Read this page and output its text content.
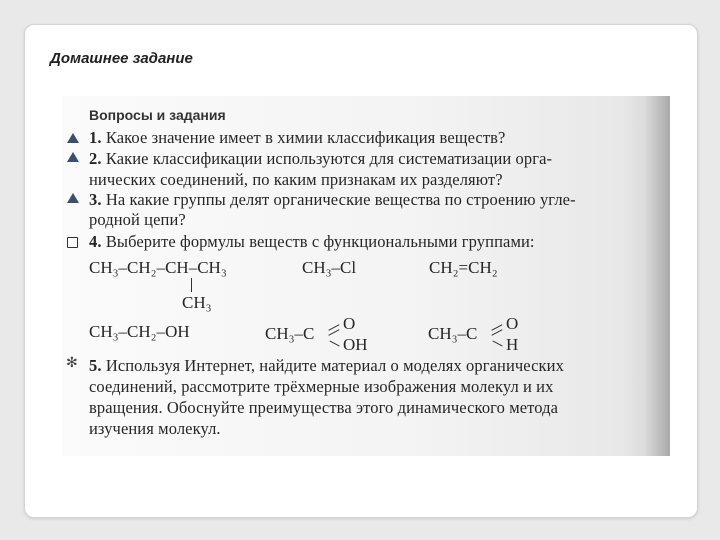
Домашнее задание
Вопросы и задания
✻
1. Какое значение имеет в химии классификация веществ?
2. Какие классификации используются для систематизации орга-
нических соединений, по каким признакам их разделяют?
3. На какие группы делят органические вещества по строению угле-
родной цепи?
4. Выберите формулы веществ с функциональными группами:
CH₃–CH₂–CH–CH₃
CH₃
CH₃–Cl	CH₂=CH₂
CH₃–CH₂–OH	CH₃–C
O
OH
CH₃–C
O
H
5. Используя Интернет, найдите материал о моделях органических
соединений, рассмотрите трёхмерные изображения молекул и их
вращения. Обоснуйте преимущества этого динамического метода
изучения молекул.
